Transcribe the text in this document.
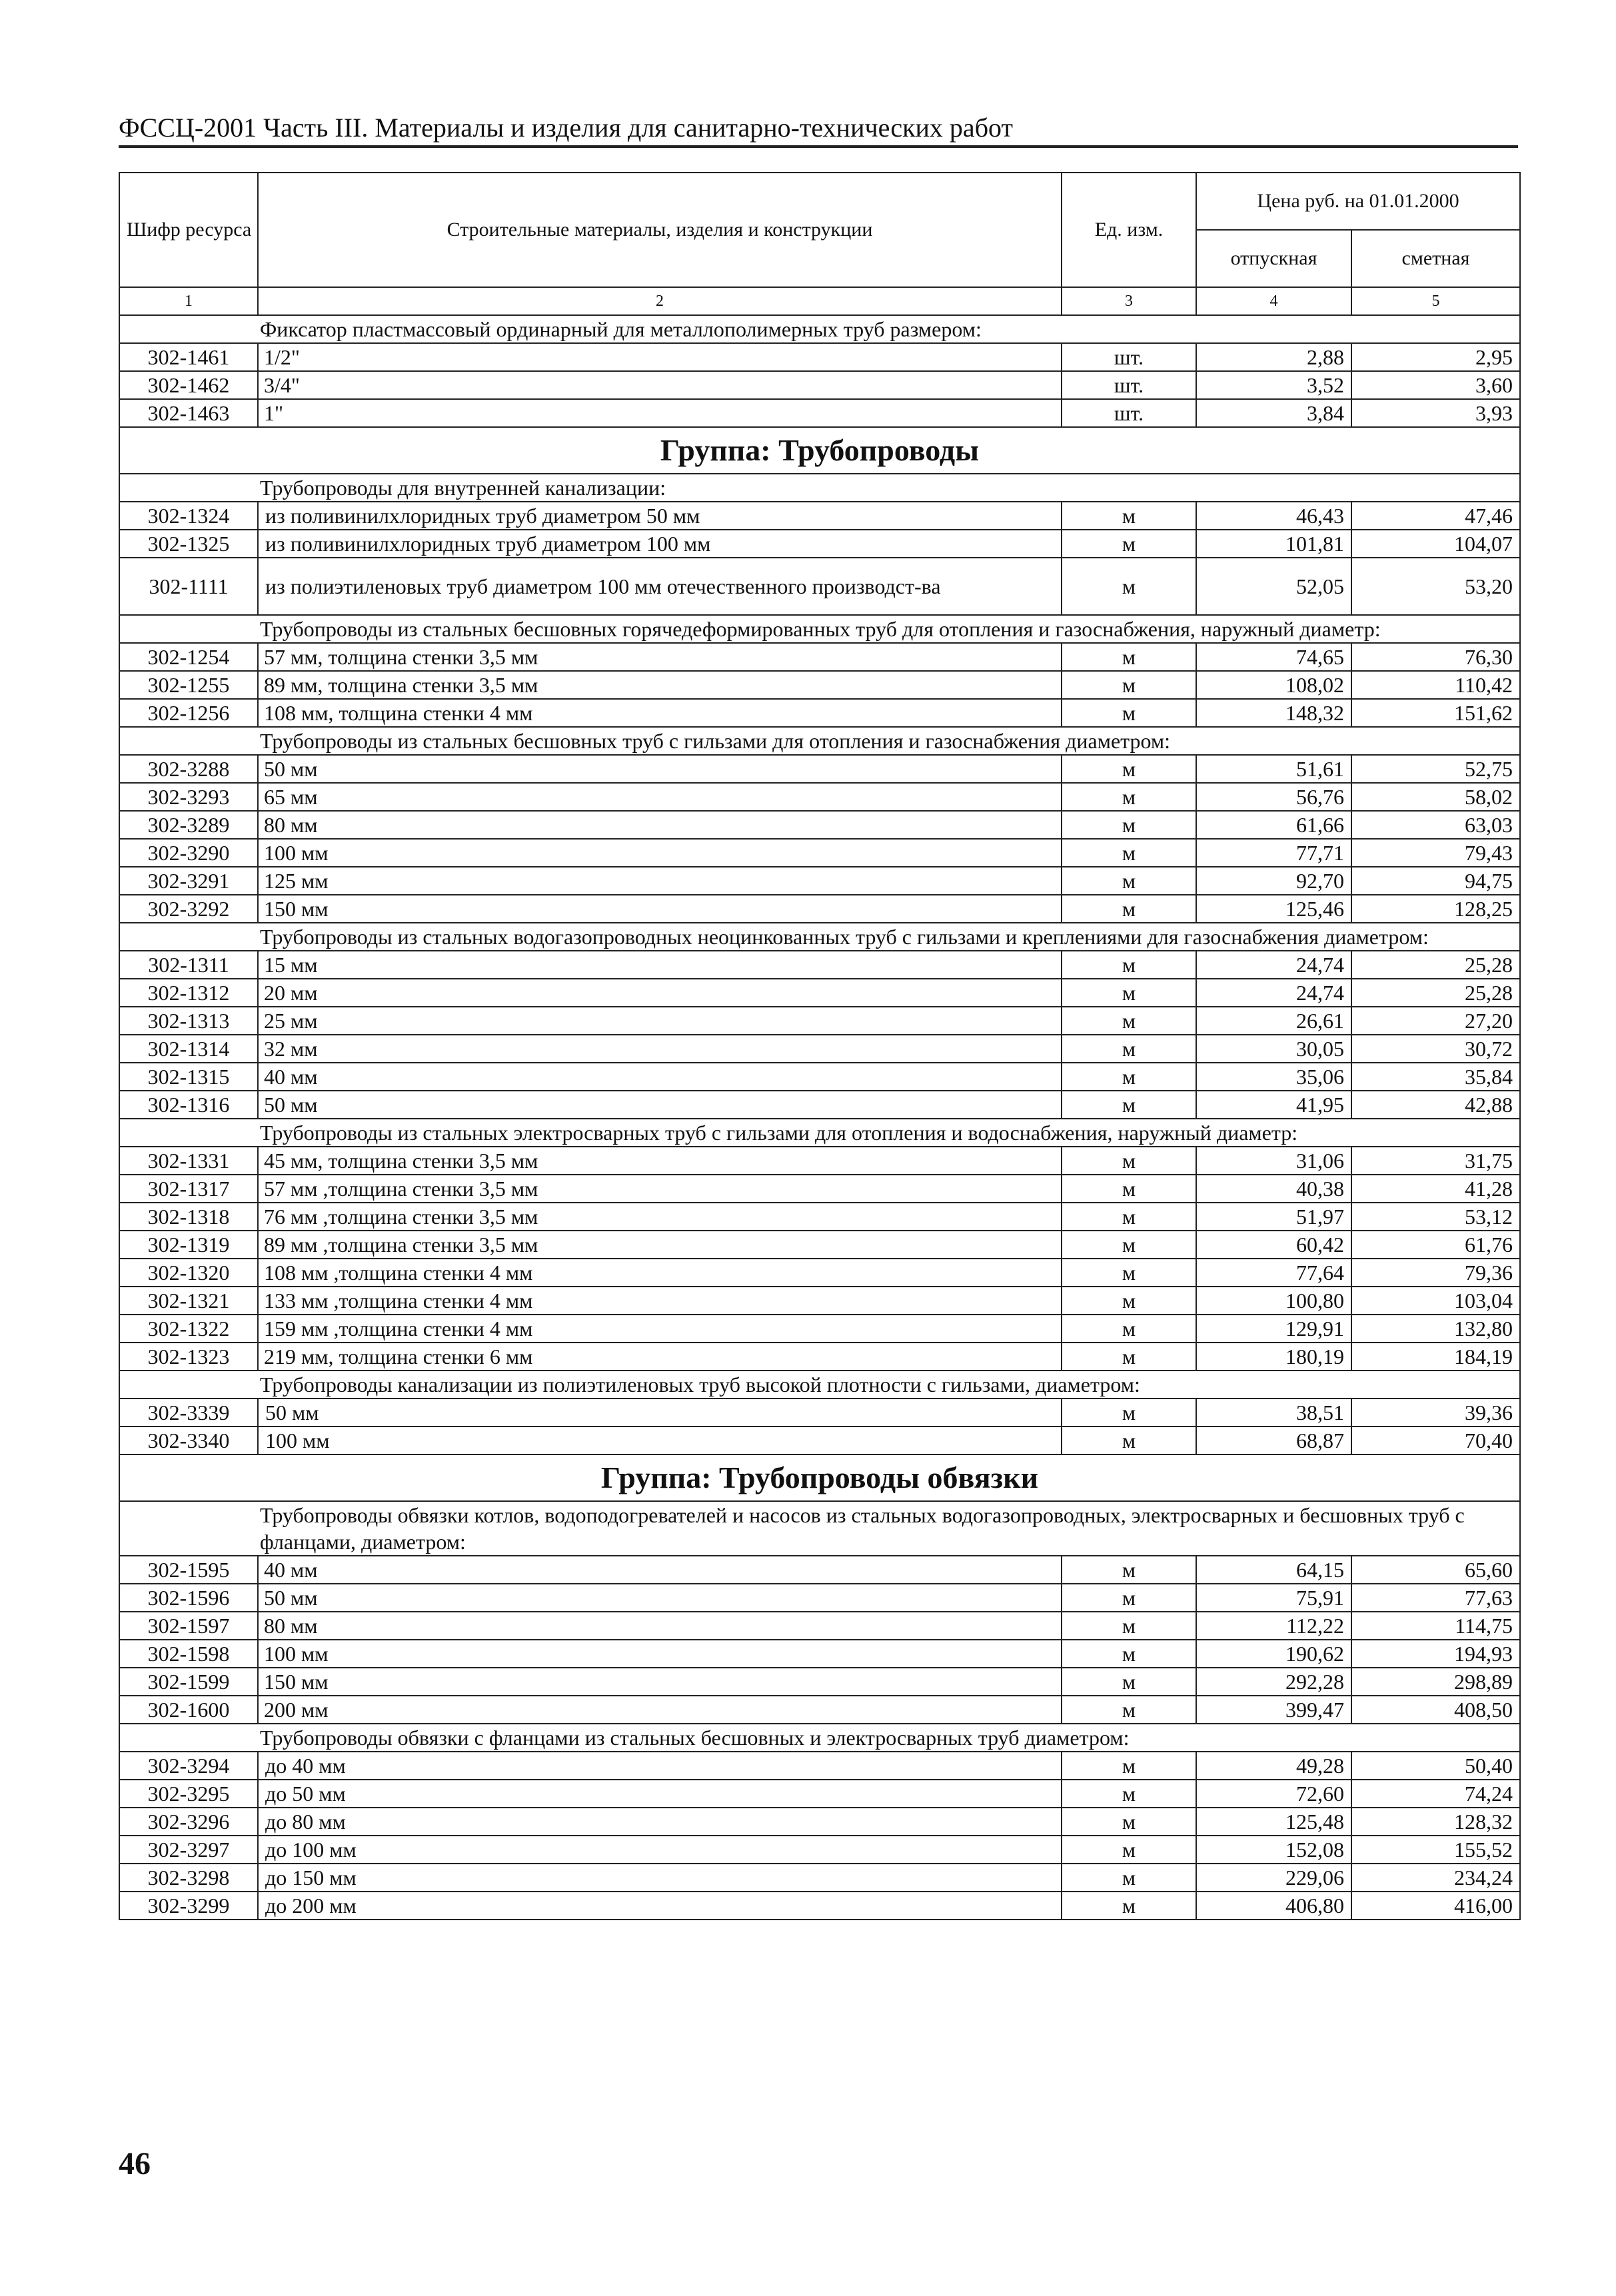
ФССЦ-2001 Часть III. Материалы и изделия для санитарно-технических работ
Шифр ресурса	Строительные материалы, изделия и конструкции	Ед. изм.	Цена руб. на 01.01.2000	
			отпускная	сметная
1	2	3	4	5
Фиксатор пластмассовый ординарный для металлополимерных труб размером:				
302-1461	1/2"	шт.	2,88	2,95
302-1462	3/4"	шт.	3,52	3,60
302-1463	1"	шт.	3,84	3,93
Группа: Трубопроводы				
Трубопроводы для внутренней канализации:				
302-1324	из поливинилхлоридных труб диаметром 50 мм	м	46,43	47,46
302-1325	из поливинилхлоридных труб диаметром 100 мм	м	101,81	104,07
302-1111	из полиэтиленовых труб диаметром 100 мм отечественного производст-ва	м	52,05	53,20
Трубопроводы из стальных бесшовных горячедеформированных труб для отопления и газоснабжения, наружный диаметр:				
302-1254	57 мм, толщина стенки 3,5 мм	м	74,65	76,30
302-1255	89 мм, толщина стенки 3,5 мм	м	108,02	110,42
302-1256	108 мм, толщина стенки 4 мм	м	148,32	151,62
Трубопроводы из стальных бесшовных труб с гильзами для отопления и газоснабжения диаметром:				
302-3288	50 мм	м	51,61	52,75
302-3293	65 мм	м	56,76	58,02
302-3289	80 мм	м	61,66	63,03
302-3290	100 мм	м	77,71	79,43
302-3291	125 мм	м	92,70	94,75
302-3292	150 мм	м	125,46	128,25
Трубопроводы из стальных водогазопроводных неоцинкованных труб с гильзами и креплениями для газоснабжения диаметром:				
302-1311	15 мм	м	24,74	25,28
302-1312	20 мм	м	24,74	25,28
302-1313	25 мм	м	26,61	27,20
302-1314	32 мм	м	30,05	30,72
302-1315	40 мм	м	35,06	35,84
302-1316	50 мм	м	41,95	42,88
Трубопроводы из стальных электросварных труб с гильзами для отопления и водоснабжения, наружный диаметр:				
302-1331	45 мм, толщина стенки 3,5 мм	м	31,06	31,75
302-1317	57 мм ,толщина стенки 3,5 мм	м	40,38	41,28
302-1318	76 мм ,толщина стенки 3,5 мм	м	51,97	53,12
302-1319	89 мм ,толщина стенки 3,5 мм	м	60,42	61,76
302-1320	108 мм ,толщина стенки 4 мм	м	77,64	79,36
302-1321	133 мм ,толщина стенки 4 мм	м	100,80	103,04
302-1322	159 мм ,толщина стенки 4 мм	м	129,91	132,80
302-1323	219 мм, толщина стенки 6 мм	м	180,19	184,19
Трубопроводы канализации из полиэтиленовых труб высокой плотности с гильзами, диаметром:				
302-3339	50 мм	м	38,51	39,36
302-3340	100 мм	м	68,87	70,40
Группа: Трубопроводы обвязки				
Трубопроводы обвязки котлов, водоподогревателей и насосов из стальных водогазопроводных, электросварных и бесшовных труб с фланцами, диаметром:				
302-1595	40 мм	м	64,15	65,60
302-1596	50 мм	м	75,91	77,63
302-1597	80 мм	м	112,22	114,75
302-1598	100 мм	м	190,62	194,93
302-1599	150 мм	м	292,28	298,89
302-1600	200 мм	м	399,47	408,50
Трубопроводы обвязки с фланцами из стальных бесшовных и электросварных труб диаметром:				
302-3294	до 40 мм	м	49,28	50,40
302-3295	до 50 мм	м	72,60	74,24
302-3296	до 80 мм	м	125,48	128,32
302-3297	до 100 мм	м	152,08	155,52
302-3298	до 150 мм	м	229,06	234,24
302-3299	до 200 мм	м	406,80	416,00
46
